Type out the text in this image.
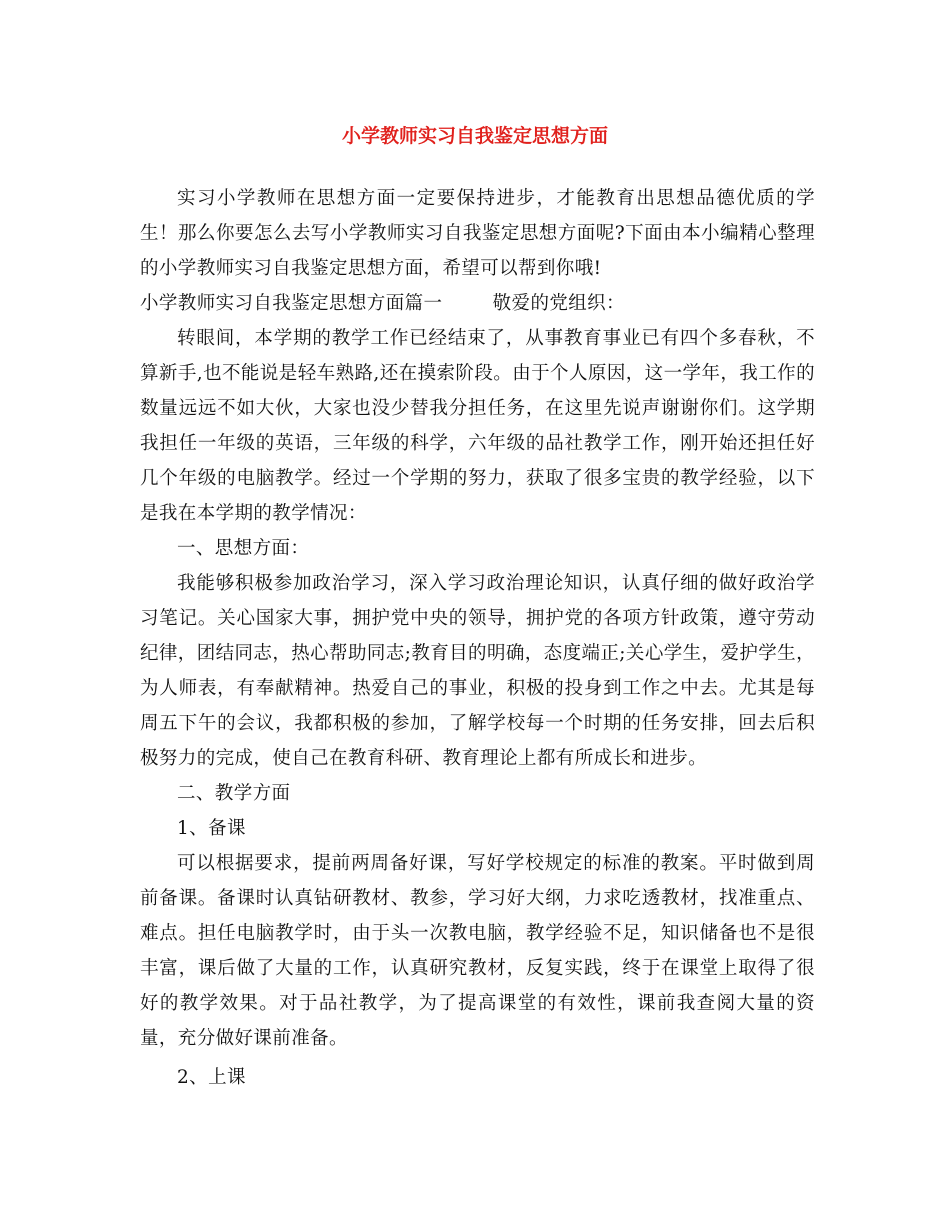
小学教师实习自我鉴定思想方面

实习小学教师在思想方面一定要保持进步，才能教育出思想品德优质的学生！那么你要怎么去写小学教师实习自我鉴定思想方面呢?下面由本小编精心整理的小学教师实习自我鉴定思想方面，希望可以帮到你哦!

小学教师实习自我鉴定思想方面篇一	敬爱的党组织：

转眼间，本学期的教学工作已经结束了，从事教育事业已有四个多春秋，不算新手,也不能说是轻车熟路,还在摸索阶段。由于个人原因，这一学年，我工作的数量远远不如大伙，大家也没少替我分担任务，在这里先说声谢谢你们。这学期我担任一年级的英语，三年级的科学，六年级的品社教学工作，刚开始还担任好几个年级的电脑教学。经过一个学期的努力，获取了很多宝贵的教学经验，以下是我在本学期的教学情况：

一、思想方面：

我能够积极参加政治学习，深入学习政治理论知识，认真仔细的做好政治学习笔记。关心国家大事，拥护党中央的领导，拥护党的各项方针政策，遵守劳动纪律，团结同志，热心帮助同志;教育目的明确，态度端正;关心学生，爱护学生，为人师表，有奉献精神。热爱自己的事业，积极的投身到工作之中去。尤其是每周五下午的会议，我都积极的参加，了解学校每一个时期的任务安排，回去后积极努力的完成，使自己在教育科研、教育理论上都有所成长和进步。

二、教学方面

1、备课

可以根据要求，提前两周备好课，写好学校规定的标准的教案。平时做到周前备课。备课时认真钻研教材、教参，学习好大纲，力求吃透教材，找准重点、难点。担任电脑教学时，由于头一次教电脑，教学经验不足，知识储备也不是很丰富，课后做了大量的工作，认真研究教材，反复实践，终于在课堂上取得了很好的教学效果。对于品社教学，为了提高课堂的有效性，课前我查阅大量的资量，充分做好课前准备。

2、上课
